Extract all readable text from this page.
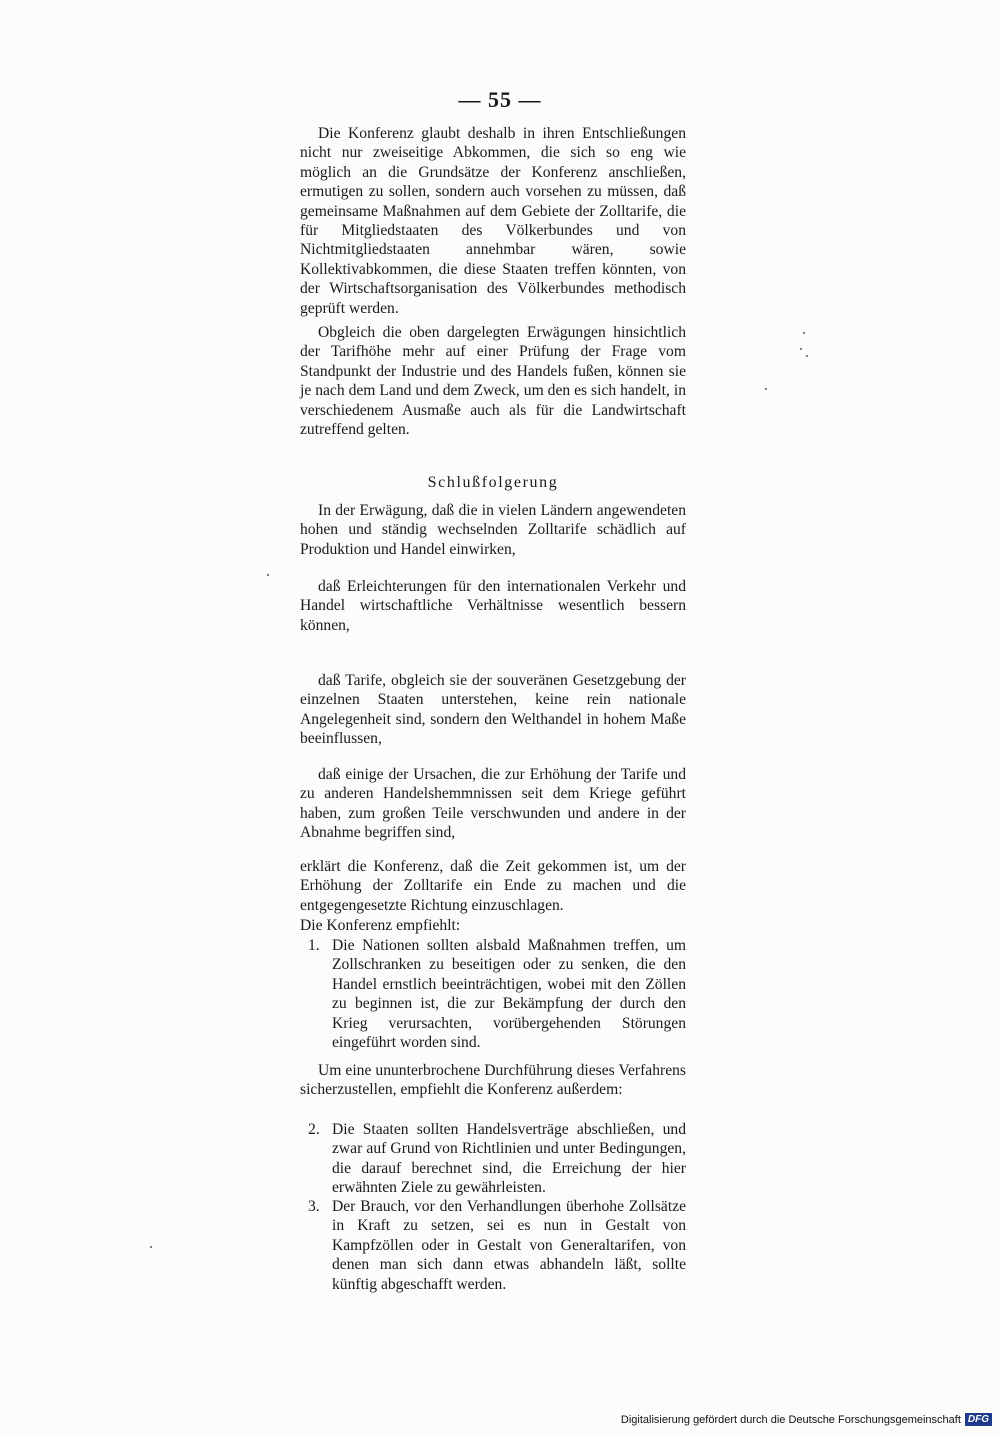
— 55 —

Die Konferenz glaubt deshalb in ihren Entschließungen nicht nur zweiseitige Abkommen, die sich so eng wie möglich an die Grundsätze der Konferenz anschließen, ermutigen zu sollen, sondern auch vorsehen zu müssen, daß gemeinsame Maßnahmen auf dem Gebiete der Zolltarife, die für Mitgliedstaaten des Völkerbundes und von Nichtmitgliedstaaten annehmbar wären, sowie Kollektivabkommen, die diese Staaten treffen könnten, von der Wirtschaftsorganisation des Völkerbundes methodisch geprüft werden.

Obgleich die oben dargelegten Erwägungen hinsichtlich der Tarifhöhe mehr auf einer Prüfung der Frage vom Standpunkt der Industrie und des Handels fußen, können sie je nach dem Land und dem Zweck, um den es sich handelt, in verschiedenem Ausmaße auch als für die Landwirtschaft zutreffend gelten.

Schlußfolgerung

In der Erwägung, daß die in vielen Ländern angewendeten hohen und ständig wechselnden Zolltarife schädlich auf Produktion und Handel einwirken,

daß Erleichterungen für den internationalen Verkehr und Handel wirtschaftliche Verhältnisse wesentlich bessern können,

daß Tarife, obgleich sie der souveränen Gesetzgebung der einzelnen Staaten unterstehen, keine rein nationale Angelegenheit sind, sondern den Welthandel in hohem Maße beeinflussen,

daß einige der Ursachen, die zur Erhöhung der Tarife und zu anderen Handelshemmnissen seit dem Kriege geführt haben, zum großen Teile verschwunden und andere in der Abnahme begriffen sind,

erklärt die Konferenz, daß die Zeit gekommen ist, um der Erhöhung der Zolltarife ein Ende zu machen und die entgegengesetzte Richtung einzuschlagen.

Die Konferenz empfiehlt:

1. Die Nationen sollten alsbald Maßnahmen treffen, um Zollschranken zu beseitigen oder zu senken, die den Handel ernstlich beeinträchtigen, wobei mit den Zöllen zu beginnen ist, die zur Bekämpfung der durch den Krieg verursachten, vorübergehenden Störungen eingeführt worden sind.

Um eine ununterbrochene Durchführung dieses Verfahrens sicherzustellen, empfiehlt die Konferenz außerdem:

2. Die Staaten sollten Handelsverträge abschließen, und zwar auf Grund von Richtlinien und unter Bedingungen, die darauf berechnet sind, die Erreichung der hier erwähnten Ziele zu gewährleisten.
3. Der Brauch, vor den Verhandlungen überhohe Zollsätze in Kraft zu setzen, sei es nun in Gestalt von Kampfzöllen oder in Gestalt von Generaltarifen, von denen man sich dann etwas abhandeln läßt, sollte künftig abgeschafft werden.
Digitalisierung gefördert durch die Deutsche Forschungsgemeinschaft DFG
